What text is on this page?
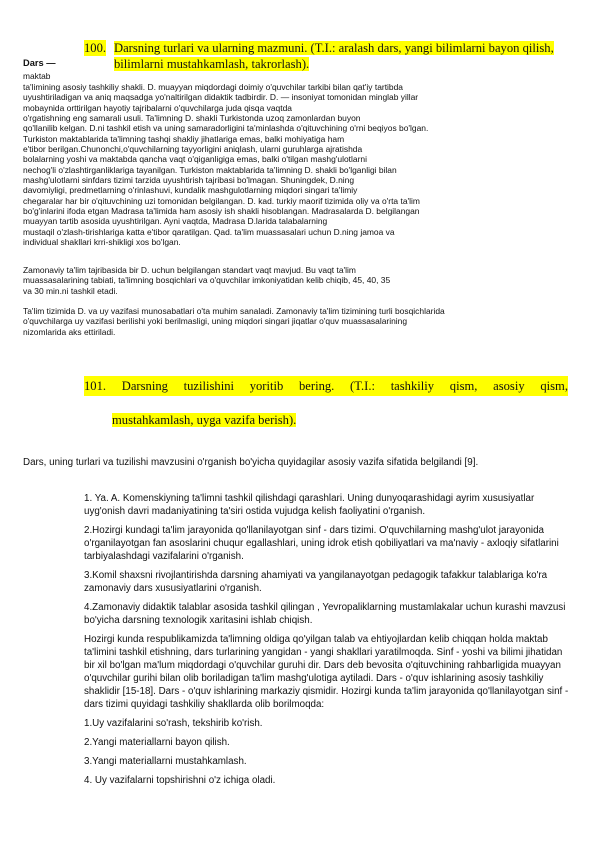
100. Darsning turlari va ularning mazmuni. (T.I.: aralash dars, yangi bilimlarni bayon qilish, bilimlarni mustahkamlash, takrorlash).
Dars —
maktab
ta'limining asosiy tashkiliy shakli. D. muayyan miqdordagi doimiy o'quvchilar tarkibi bilan qat'iy tartibda
uyushtiriladigan va aniq maqsadga yo'naltirilgan didaktik tadbirdir. D. — insoniyat tomonidan minglab yillar
mobaynida orttirilgan hayotiy tajribalarni o'quvchilarga juda qisqa vaqtda
o'rgatishning eng samarali usuli. Ta'limning D. shakli Turkistonda uzoq zamonlardan buyon
qo'llanilib kelgan. D.ni tashkil etish va uning samaradorligini ta'minlashda o'qituvchining o'rni beqiyos bo'lgan.
Turkiston maktablarida ta'limning tashqi shakliy jihatlariga emas, balki mohiyatiga ham
e'tibor berilgan.Chunonchi,o'quvchilarning tayyorligini aniqlash, ularni guruhlarga ajratishda
bolalarning yoshi va maktabda qancha vaqt o'qiganligiga emas, balki o'tilgan mashg'ulotlarni
nechog'li o'zlashtirganliklariga tayanilgan. Turkiston maktablarida ta'limning D. shakli bo'lganligi bilan
mashg'ulotlarni sinfdars tizimi tarzida uyushtirish tajribasi bo'lmagan. Shuningdek, D.ning
davomiyligi, predmetlarning o'rinlashuvi, kundalik mashgulotlarning miqdori singari ta'limiy
chegaralar har bir o'qituvchining uzi tomonidan belgilangan. D. kad. turkiy maorif tizimida oliy va o'rta ta'lim
bo'g'inlarini ifoda etgan Madrasa ta'limida ham asosiy ish shakli hisoblangan. Madrasalarda D. belgilangan
muayyan tartib asosida uyushtirilgan. Ayni vaqtda, Madrasa D.larida talabalarning
mustaqil o'zlash-tirishlariga katta e'tibor qaratilgan. Qad. ta'lim muassasalari uchun D.ning jamoa va
individual shakllari krri-shikligi xos bo'lgan.
Zamonaviy ta'lim tajribasida bir D. uchun belgilangan standart vaqt mavjud. Bu vaqt ta'lim
muassasalarining tabiati, ta'limning bosqichlari va o'quvchilar imkoniyatidan kelib chiqib, 45, 40, 35
va 30 min.ni tashkil etadi.
Ta'lim tizimida D. va uy vazifasi munosabatlari o'ta muhim sanaladi. Zamonaviy ta'lim tizimining turli bosqichlarida
o'quvchilarga uy vazifasi berilishi yoki berilmasligi, uning miqdori singari jiqatlar o'quv muassasalarining
nizomlarida aks ettiriladi.
101. Darsning tuzilishini yoritib bering. (T.I.: tashkiliy qism, asosiy qism,
mustahkamlash, uyga vazifa berish).
Dars, uning turlari va tuzilishi mavzusini o'rganish bo'yicha quyidagilar asosiy vazifa sifatida belgilandi [9].

1. Ya. A. Komenskiyning ta'limni tashkil qilishdagi qarashlari. Uning dunyoqarashidagi ayrim xususiyatlar uyg'onish davri madaniyatining ta'siri ostida vujudga kelish faoliyatini o'rganish.

2.Hozirgi kundagi ta'lim jarayonida qo'llanilayotgan sinf - dars tizimi. O'quvchilarning mashg'ulot jarayonida o'rganilayotgan fan asoslarini chuqur egallashlari, uning idrok etish qobiliyatlari va ma'naviy - axloqiy sifatlarini tarbiyalashdagi vazifalarini o'rganish.

3.Komil shaxsni rivojlantirishda darsning ahamiyati va yangilanayotgan pedagogik tafakkur talablariga ko'ra zamonaviy dars xususiyatlarini o'rganish.

4.Zamonaviy didaktik talablar asosida tashkil qilingan , Yevropaliklarning mustamlakalar uchun kurashi mavzusi bo'yicha darsning texnologik xaritasini ishlab chiqish.

Hozirgi kunda respublikamizda ta'limning oldiga qo'yilgan talab va ehtiyojlardan kelib chiqqan holda maktab ta'limini tashkil etishning, dars turlarining yangidan - yangi shakllari yaratilmoqda. Sinf - yoshi va bilimi jihatidan bir xil bo'lgan ma'lum miqdordagi o'quvchilar guruhi dir. Dars deb bevosita o'qituvchining rahbarligida muayyan o'quvchilar gurihi bilan olib boriladigan ta'lim mashg'ulotiga aytiladi. Dars - o'quv ishlarining asosiy tashkiliy shaklidir [15-18]. Dars - o'quv ishlarining markaziy qismidir. Hozirgi kunda ta'lim jarayonida qo'llanilayotgan sinf - dars tizimi quyidagi tashkiliy shakllarda olib borilmoqda:

1.Uy vazifalarini so'rash, tekshirib ko'rish.

2.Yangi materiallarni bayon qilish.

3.Yangi materiallarni mustahkamlash.

4. Uy vazifalarni topshirishni o'z ichiga oladi.
